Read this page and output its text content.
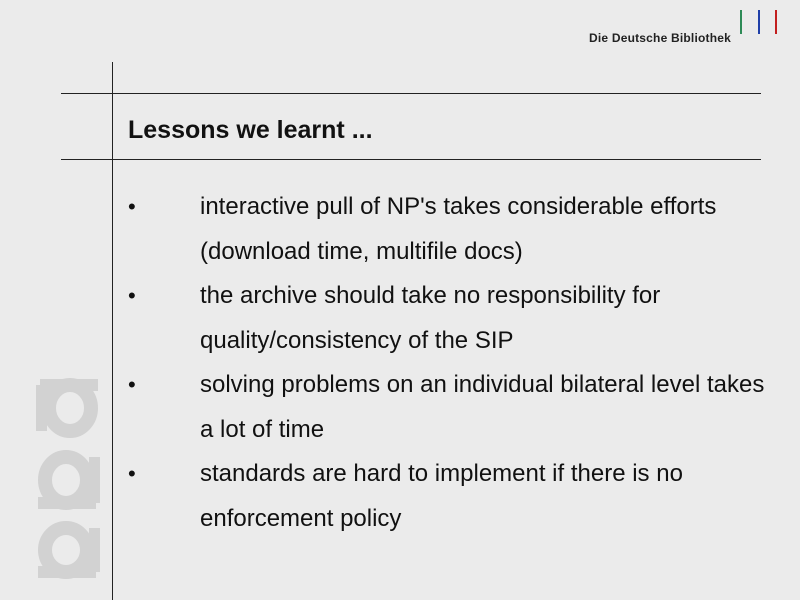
Die Deutsche Bibliothek
Lessons we learnt ...
•	interactive pull of NP's takes considerable efforts (download time, multifile docs)
•	the archive should take no responsibility for quality/consistency of the SIP
•	solving problems on an individual bilateral level takes a lot of time
•	standards are hard to implement if there is no enforcement policy
